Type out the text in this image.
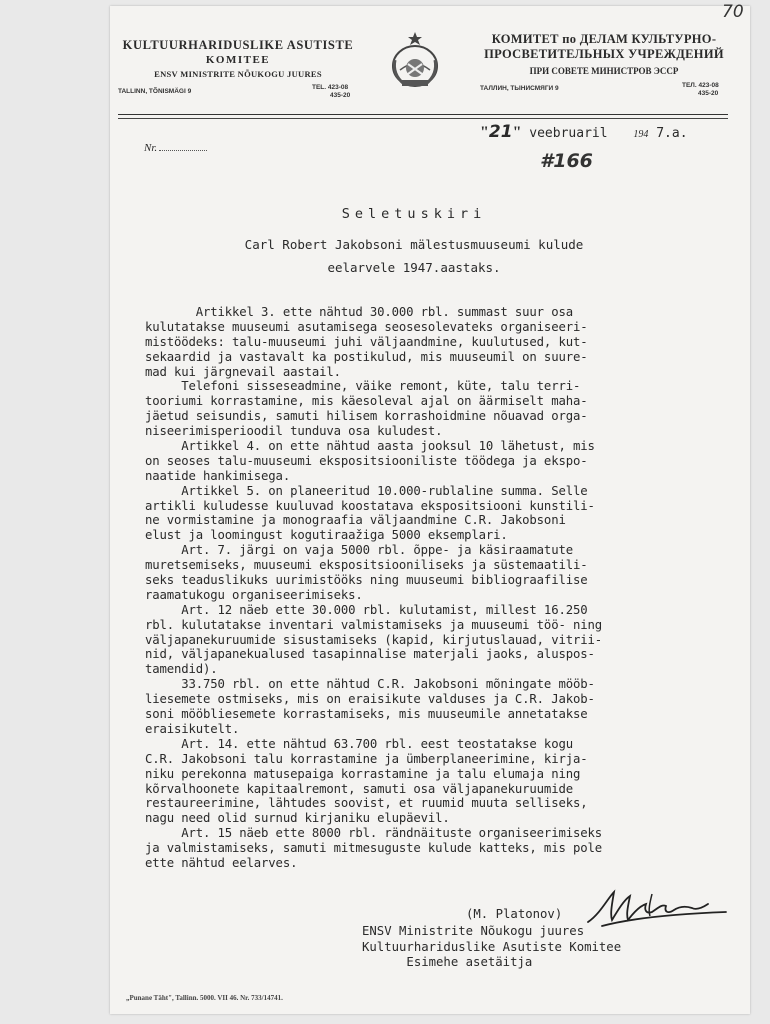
70
KULTUURHARIDUSLIKE ASUTISTE
KOMITEE
ENSV MINISTRITE NÕUKOGU JUURES
TALLINN, TÕNISMÄGI 9
TEL. 423-08
435-20
КОМИТЕТ по ДЕЛАМ КУЛЬТУРНО-
ПРОСВЕТИТЕЛЬНЫХ УЧРЕЖДЕНИЙ
ПРИ СОВЕТЕ МИНИСТРОВ ЭССР
ТАЛЛИН, ТЫНИСМЯГИ 9	ТЕЛ. 423-08
435-20
Nr.
"21" veebruaril	194 7.a.
#166
Seletuskiri
Carl Robert Jakobsoni mälestusmuuseumi kulude
eelarvele 1947.aastaks.
Artikkel 3. ette nähtud 30.000 rbl. summast suur osa
kulutatakse muuseumi asutamisega seosesolevateks organiseeri-
mistöödeks: talu-muuseumi juhi väljaandmine, kuulutused, kut-
sekaardid ja vastavalt ka postikulud, mis muuseumil on suure-
mad kui järgnevail aastail.
Telefoni sisseseadmine, väike remont, küte, talu terri-
tooriumi korrastamine, mis käesoleval ajal on äärmiselt maha-
jäetud seisundis, samuti hilisem korrashoidmine nõuavad orga-
niseerimisperioodil tunduva osa kuludest.
Artikkel 4. on ette nähtud aasta jooksul 10 lähetust, mis
on seoses talu-muuseumi ekspositsiooniliste töödega ja ekspo-
naatide hankimisega.
Artikkel 5. on planeeritud 10.000-rublaline summa. Selle
artikli kuludesse kuuluvad koostatava ekspositsiooni kunstili-
ne vormistamine ja monograafia väljaandmine C.R. Jakobsoni
elust ja loomingust kogutiraažiga 5000 eksemplari.
Art. 7. järgi on vaja 5000 rbl. õppe- ja käsiraamatute
muretsemiseks, muuseumi ekspositsiooniliseks ja süstemaatili-
seks teaduslikuks uurimistööks ning muuseumi bibliograafilise
raamatukogu organiseerimiseks.
Art. 12 näeb ette 30.000 rbl. kulutamist, millest 16.250
rbl. kulutatakse inventari valmistamiseks ja muuseumi töö- ning
väljapanekuruumide sisustamiseks (kapid, kirjutuslauad, vitrii-
nid, väljapanekualused tasapinnalise materjali jaoks, aluspos-
tamendid).
33.750 rbl. on ette nähtud C.R. Jakobsoni mõningate mööb-
liesemete ostmiseks, mis on eraisikute valduses ja C.R. Jakob-
soni mööbliesemete korrastamiseks, mis muuseumile annetatakse
eraisikutelt.
Art. 14. ette nähtud 63.700 rbl. eest teostatakse kogu
C.R. Jakobsoni talu korrastamine ja ümberplaneerimine, kirja-
niku perekonna matusepaiga korrastamine ja talu elumaja ning
kõrvalhoonete kapitaalremont, samuti osa väljapanekuruumide
restaureerimine, lähtudes soovist, et ruumid muuta selliseks,
nagu need olid surnud kirjaniku elupäevil.
Art. 15 näeb ette 8000 rbl. rändnäituste organiseerimiseks
ja valmistamiseks, samuti mitmesuguste kulude katteks, mis pole
ette nähtud eelarves.
(M. Platonov)
ENSV Ministrite Nõukogu juures
Kultuurhariduslike Asutiste Komitee
Esimehe asetäitja
„Punane Täht", Tallinn. 5000. VII 46. Nr. 733/14741.
